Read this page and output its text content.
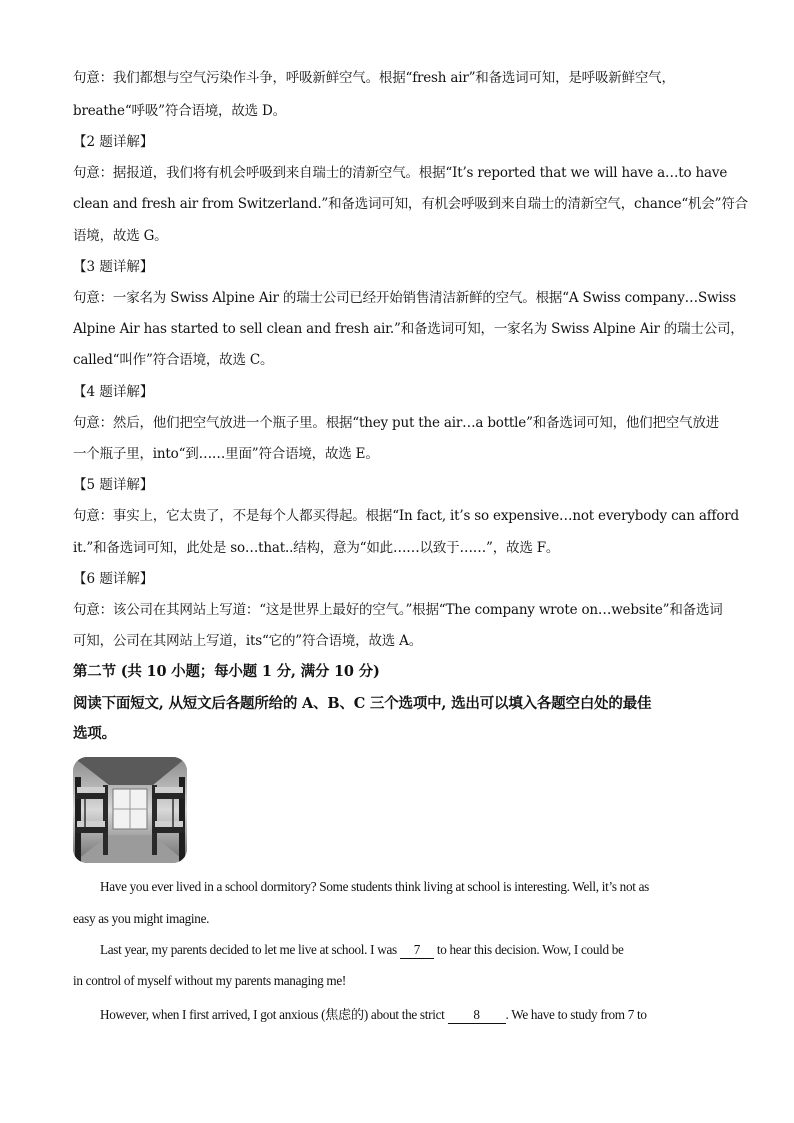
句意：我们都想与空气污染作斗争，呼吸新鲜空气。根据“fresh air”和备选词可知，是呼吸新鲜空气，
breathe“呼吸”符合语境，故选 D。
【2 题详解】
句意：据报道，我们将有机会呼吸到来自瑞士的清新空气。根据“It’s reported that we will have a…to have
clean and fresh air from Switzerland.”和备选词可知，有机会呼吸到来自瑞士的清新空气，chance“机会”符合
语境，故选 G。
【3 题详解】
句意：一家名为 Swiss Alpine Air 的瑞士公司已经开始销售清洁新鲜的空气。根据“A Swiss company…Swiss
Alpine Air has started to sell clean and fresh air.”和备选词可知，一家名为 Swiss Alpine Air 的瑞士公司，
called“叫作”符合语境，故选 C。
【4 题详解】
句意：然后，他们把空气放进一个瓶子里。根据“they put the air…a bottle”和备选词可知，他们把空气放进
一个瓶子里，into“到……里面”符合语境，故选 E。
【5 题详解】
句意：事实上，它太贵了，不是每个人都买得起。根据“In fact, it’s so expensive…not everybody can afford
it.”和备选词可知，此处是 so…that..结构，意为“如此……以致于……”，故选 F。
【6 题详解】
句意：该公司在其网站上写道：“这是世界上最好的空气。”根据“The company wrote on…website”和备选词
可知，公司在其网站上写道，its“它的”符合语境，故选 A。
第二节 (共 10 小题；每小题 1 分, 满分 10 分)
阅读下面短文, 从短文后各题所给的 A、B、C 三个选项中, 选出可以填入各题空白处的最佳
选项。
Have you ever lived in a school dormitory? Some students think living at school is interesting. Well, it’s not as
easy as you might imagine.
Last year, my parents decided to let me live at school. I was 7 to hear this decision. Wow, I could be
in control of myself without my parents managing me!
However, when I first arrived, I got anxious (焦虑的) about the strict 8 . We have to study from 7 to
